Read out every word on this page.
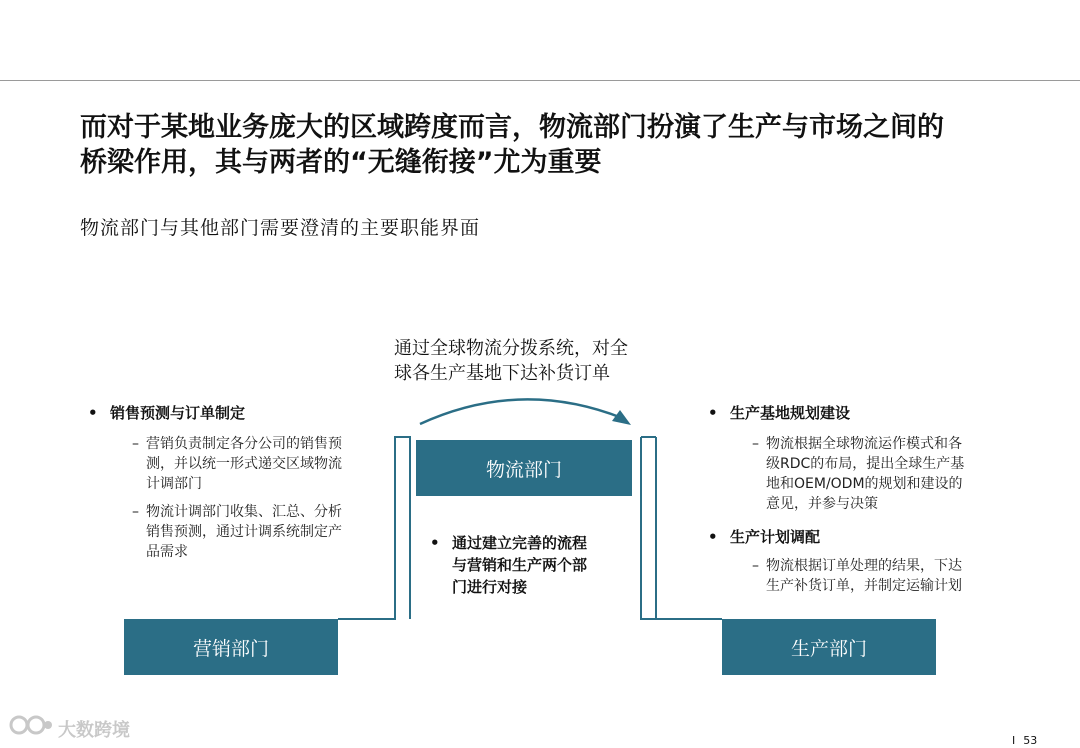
而对于某地业务庞大的区域跨度而言，物流部门扮演了生产与市场之间的
桥梁作用，其与两者的“无缝衔接”尤为重要
物流部门与其他部门需要澄清的主要职能界面
通过全球物流分拨系统，对全
球各生产基地下达补货订单
物流部门
营销部门	生产部门
• 销售预测与订单制定
– 营销负责制定各分公司的销售预
测，并以统一形式递交区域物流
计调部门
– 物流计调部门收集、汇总、分析
销售预测，通过计调系统制定产
品需求	• 通过建立完善的流程
与营销和生产两个部
门进行对接
• 生产基地规划建设
– 物流根据全球物流运作模式和各
级RDC的布局，提出全球生产基
地和OEM/ODM的规划和建设的
意见，并参与决策
• 生产计划调配
– 物流根据订单处理的结果，下达
生产补货订单，并制定运输计划
大数跨境	I 53
